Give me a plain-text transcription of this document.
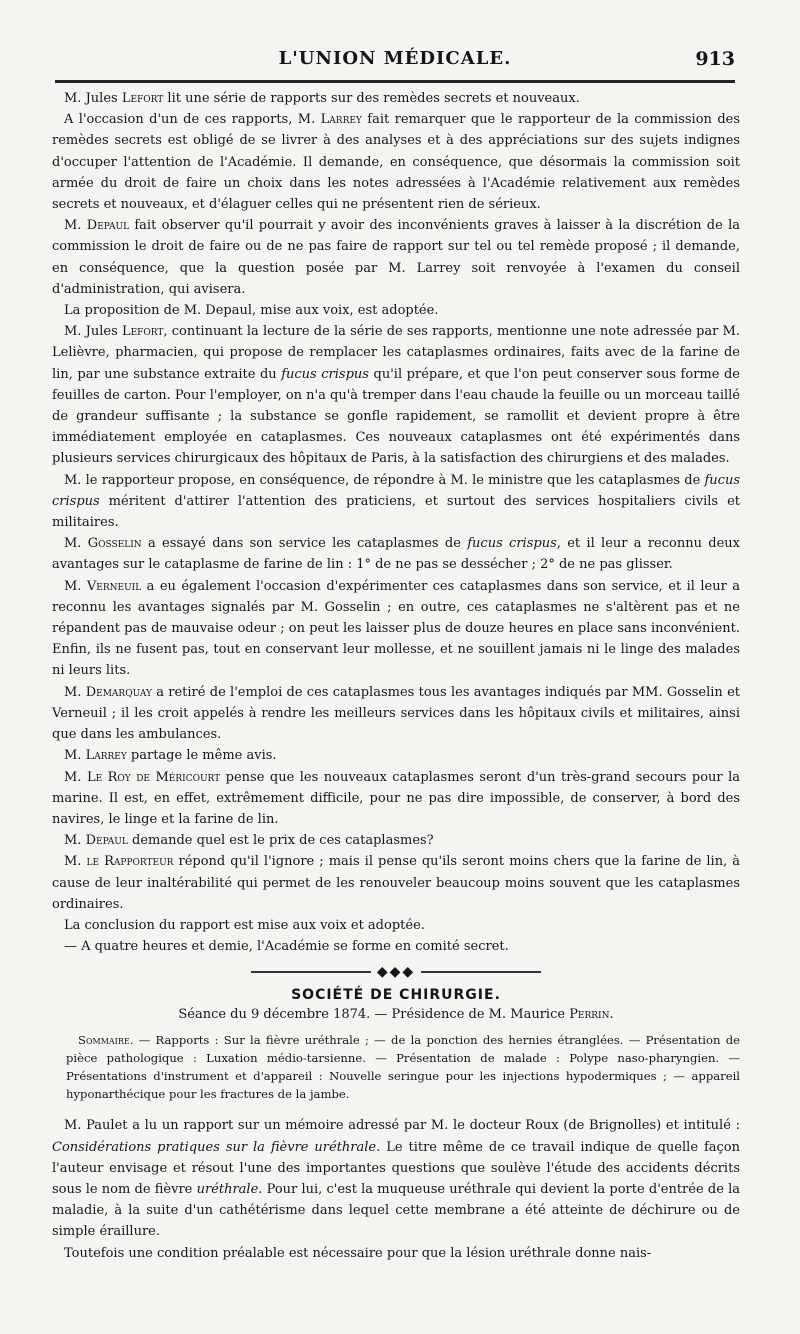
L'UNION MÉDICALE.	913

M. Jules Lefort lit une série de rapports sur des remèdes secrets et nouveaux.

A l'occasion d'un de ces rapports, M. Larrey fait remarquer que le rapporteur de la commission des remèdes secrets est obligé de se livrer à des analyses et à des appréciations sur des sujets indignes d'occuper l'attention de l'Académie. Il demande, en conséquence, que désormais la commission soit armée du droit de faire un choix dans les notes adressées à l'Académie relativement aux remèdes secrets et nouveaux, et d'élaguer celles qui ne présentent rien de sérieux.

M. Depaul fait observer qu'il pourrait y avoir des inconvénients graves à laisser à la discrétion de la commission le droit de faire ou de ne pas faire de rapport sur tel ou tel remède proposé ; il demande, en conséquence, que la question posée par M. Larrey soit renvoyée à l'examen du conseil d'administration, qui avisera.

La proposition de M. Depaul, mise aux voix, est adoptée.

M. Jules Lefort, continuant la lecture de la série de ses rapports, mentionne une note adressée par M. Lelièvre, pharmacien, qui propose de remplacer les cataplasmes ordinaires, faits avec de la farine de lin, par une substance extraite du fucus crispus qu'il prépare, et que l'on peut conserver sous forme de feuilles de carton. Pour l'employer, on n'a qu'à tremper dans l'eau chaude la feuille ou un morceau taillé de grandeur suffisante ; la substance se gonfle rapidement, se ramollit et devient propre à être immédiatement employée en cataplasmes. Ces nouveaux cataplasmes ont été expérimentés dans plusieurs services chirurgicaux des hôpitaux de Paris, à la satisfaction des chirurgiens et des malades.

M. le rapporteur propose, en conséquence, de répondre à M. le ministre que les cataplasmes de fucus crispus méritent d'attirer l'attention des praticiens, et surtout des services hospitaliers civils et militaires.

M. Gosselin a essayé dans son service les cataplasmes de fucus crispus, et il leur a reconnu deux avantages sur le cataplasme de farine de lin : 1° de ne pas se dessécher ; 2° de ne pas glisser.

M. Verneuil a eu également l'occasion d'expérimenter ces cataplasmes dans son service, et il leur a reconnu les avantages signalés par M. Gosselin ; en outre, ces cataplasmes ne s'altèrent pas et ne répandent pas de mauvaise odeur ; on peut les laisser plus de douze heures en place sans inconvénient. Enfin, ils ne fusent pas, tout en conservant leur mollesse, et ne souillent jamais ni le linge des malades ni leurs lits.

M. Demarquay a retiré de l'emploi de ces cataplasmes tous les avantages indiqués par MM. Gosselin et Verneuil ; il les croit appelés à rendre les meilleurs services dans les hôpitaux civils et militaires, ainsi que dans les ambulances.

M. Larrey partage le même avis.

M. Le Roy de Méricourt pense que les nouveaux cataplasmes seront d'un très-grand secours pour la marine. Il est, en effet, extrêmement difficile, pour ne pas dire impossible, de conserver, à bord des navires, le linge et la farine de lin.

M. Depaul demande quel est le prix de ces cataplasmes?

M. le Rapporteur répond qu'il l'ignore ; mais il pense qu'ils seront moins chers que la farine de lin, à cause de leur inaltérabilité qui permet de les renouveler beaucoup moins souvent que les cataplasmes ordinaires.

La conclusion du rapport est mise aux voix et adoptée.

— A quatre heures et demie, l'Académie se forme en comité secret.

◆◆◆
SOCIÉTÉ DE CHIRURGIE.
Séance du 9 décembre 1874. — Présidence de M. Maurice Perrin.

Sommaire. — Rapports : Sur la fièvre uréthrale ; — de la ponction des hernies étranglées. — Présentation de pièce pathologique : Luxation médio-tarsienne. — Présentation de malade : Polype naso-pharyngien. — Présentations d'instrument et d'appareil : Nouvelle seringue pour les injections hypodermiques ; — appareil hyponarthécique pour les fractures de la jambe.

M. Paulet a lu un rapport sur un mémoire adressé par M. le docteur Roux (de Brignolles) et intitulé : Considérations pratiques sur la fièvre uréthrale. Le titre même de ce travail indique de quelle façon l'auteur envisage et résout l'une des importantes questions que soulève l'étude des accidents décrits sous le nom de fièvre uréthrale. Pour lui, c'est la muqueuse uréthrale qui devient la porte d'entrée de la maladie, à la suite d'un cathétérisme dans lequel cette membrane a été atteinte de déchirure ou de simple éraillure.

Toutefois une condition préalable est nécessaire pour que la lésion uréthrale donne nais-
